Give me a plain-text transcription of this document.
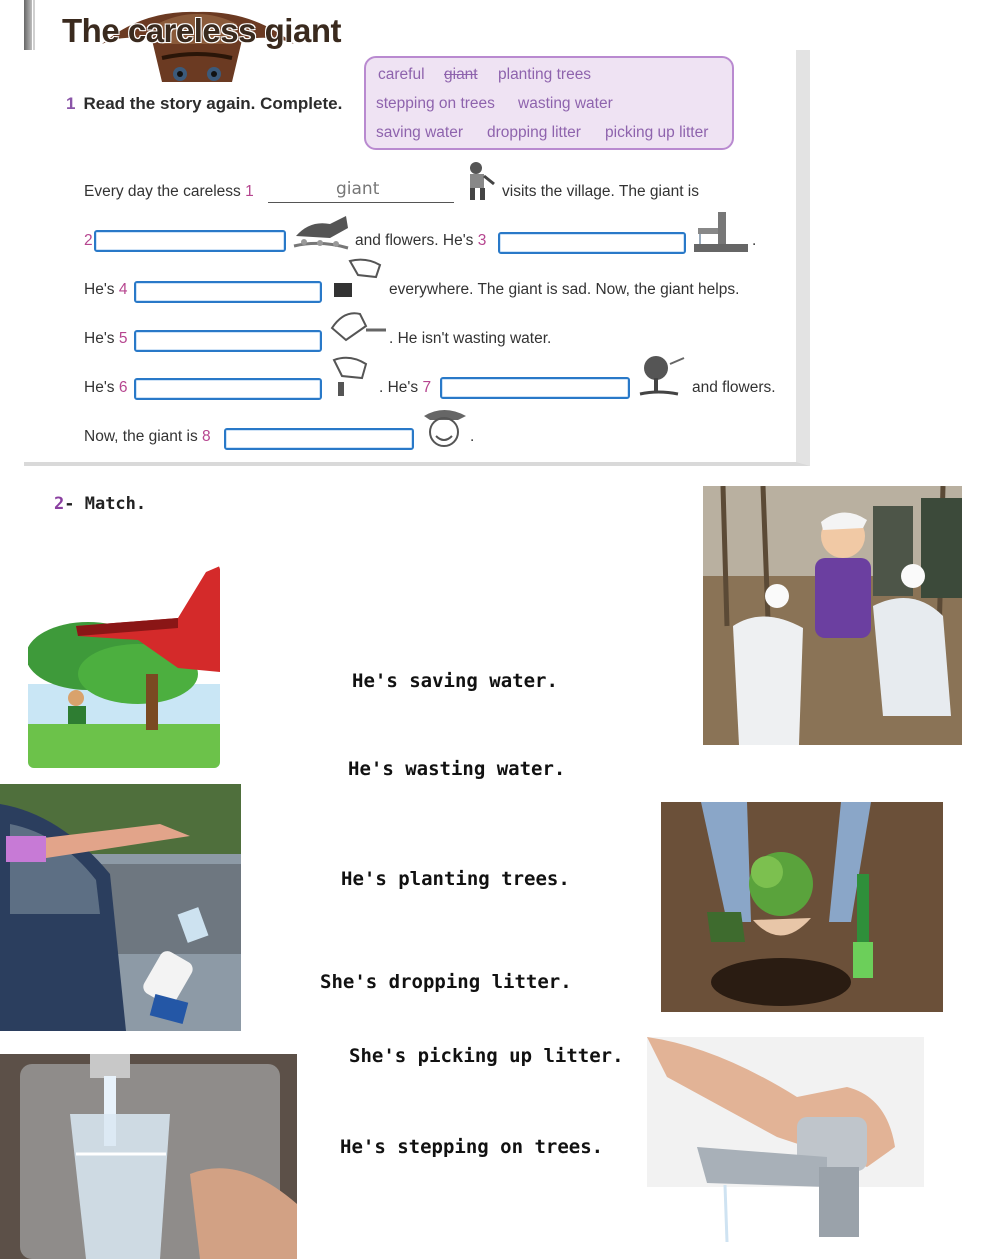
The careless giant
1 Read the story again. Complete.
careful giant planting trees
stepping on trees wasting water
saving water dropping litter picking up litter
Every day the careless 1	giant	visits the village. The giant is
2	and flowers. He's 3	.
He's 4	everywhere. The giant is sad. Now, the giant helps.
He's 5	. He isn't wasting water.
He's 6	. He's 7	and flowers.
Now, the giant is 8	.
2- Match.
He's saving water.
He's wasting water.
He's planting trees.
She's dropping litter.
She's picking up litter.
He's stepping on trees.
